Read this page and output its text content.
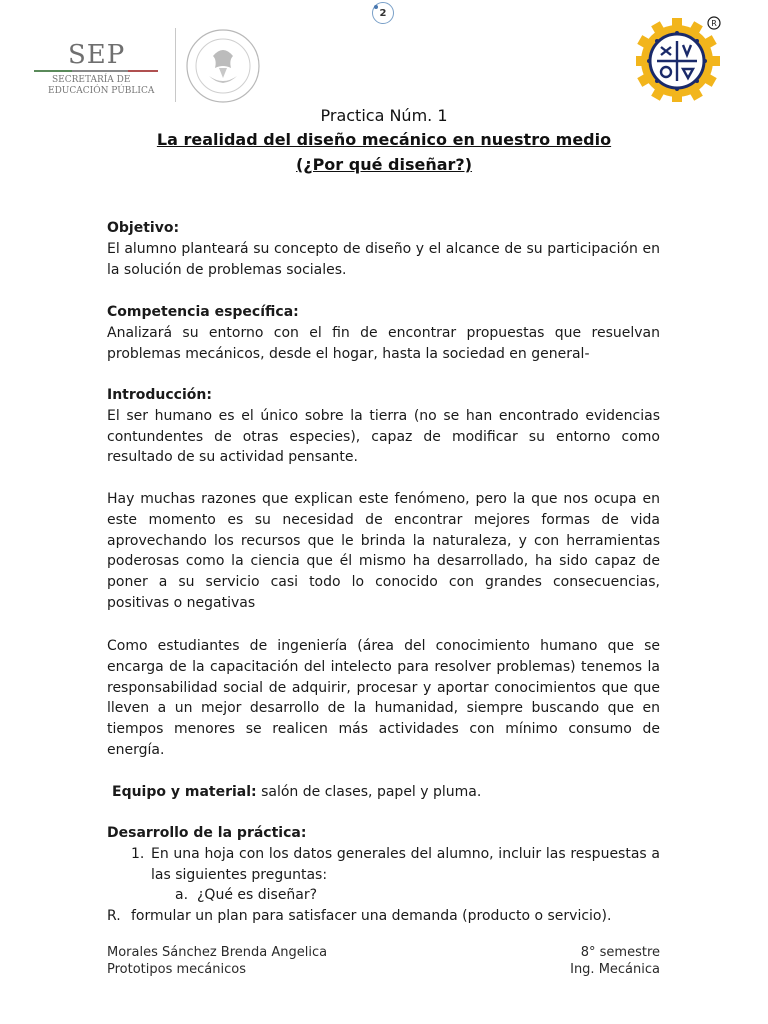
2
SEP
SECRETARÍA DE
EDUCACIÓN PÚBLICA
R
Practica Núm. 1
La realidad del diseño mecánico en nuestro medio
(¿Por qué diseñar?)
Objetivo:

El alumno planteará su concepto de diseño y el alcance de su participación en la solución de problemas sociales.

Competencia específica:

Analizará su entorno con el fin de encontrar propuestas que resuelvan problemas mecánicos, desde el hogar, hasta la sociedad en general-

Introducción:

El ser humano es el único sobre la tierra (no se han encontrado evidencias contundentes de otras especies), capaz de modificar su entorno como resultado de su actividad pensante.

Hay muchas razones que explican este fenómeno, pero la que nos ocupa en este momento es su necesidad de encontrar mejores formas de vida aprovechando los recursos que le brinda la naturaleza, y con herramientas poderosas como la ciencia que él mismo ha desarrollado, ha sido capaz de poner a su servicio casi todo lo conocido con grandes consecuencias, positivas o negativas

Como estudiantes de ingeniería (área del conocimiento humano que se encarga de la capacitación del intelecto para resolver problemas) tenemos la responsabilidad social de adquirir, procesar y aportar conocimientos que que lleven a un mejor desarrollo de la humanidad, siempre buscando que en tiempos menores se realicen más actividades con mínimo consumo de energía.

Equipo y material: salón de clases, papel y pluma.
Desarrollo de la práctica:
1. En una hoja con los datos generales del alumno, incluir las respuestas a las siguientes preguntas:

a. ¿Qué es diseñar?
R. formular un plan para satisfacer una demanda (producto o servicio).
Morales Sánchez Brenda Angelica	8° semestre
Prototipos mecánicos	Ing. Mecánica
